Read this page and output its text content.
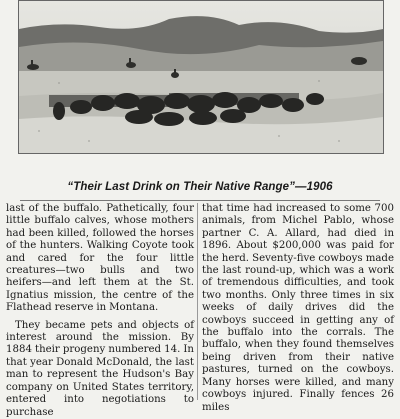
“Their Last Drink on Their Native Range”—1906

last of the buffalo. Pathetically, four little buffalo calves, whose mothers had been killed, followed the horses of the hunters. Walking Coyote took and cared for the four little creatures—two bulls and two heifers—and left them at the St. Ignatius mission, the centre of the Flathead reserve in Montana.

They became pets and objects of interest around the mission. By 1884 their progeny numbered 14. In that year Donald McDonald, the last man to represent the Hudson's Bay company on United States territory, entered into negotiations to purchase

that time had increased to some 700 animals, from Michel Pablo, whose partner C. A. Allard, had died in 1896. About $200,000 was paid for the herd. Seventy-five cowboys made the last round-up, which was a work of tremendous difficulties, and took two months. Only three times in six weeks of daily drives did the cowboys succeed in getting any of the buffalo into the corrals. The buffalo, when they found themselves being driven from their native pastures, turned on the cowboys. Many horses were killed, and many cowboys injured. Finally fences 26 miles
